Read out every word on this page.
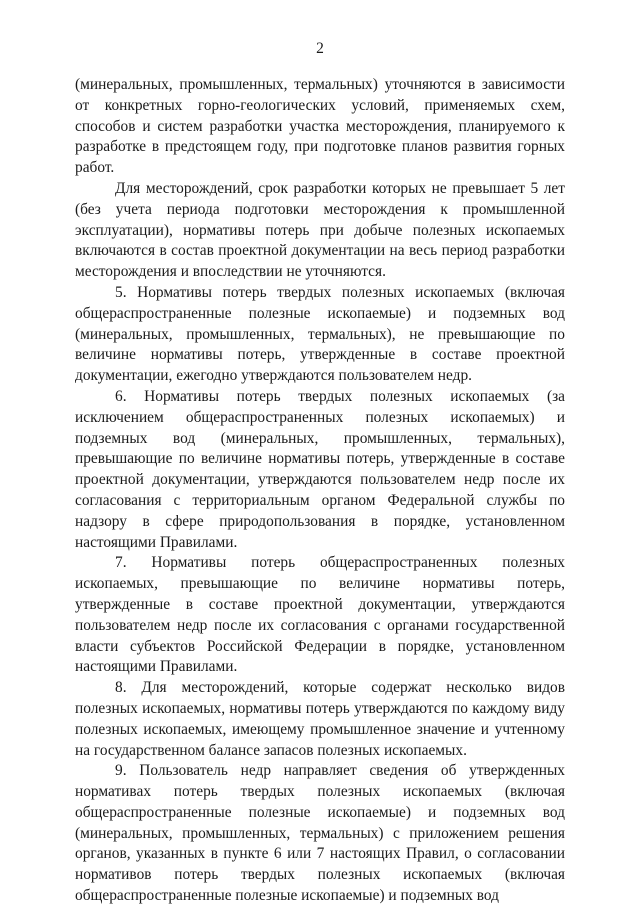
2

(минеральных, промышленных, термальных) уточняются в зависимости от конкретных горно-геологических условий, применяемых схем, способов и систем разработки участка месторождения, планируемого к разработке в предстоящем году, при подготовке планов развития горных работ.

Для месторождений, срок разработки которых не превышает 5 лет (без учета периода подготовки месторождения к промышленной эксплуатации), нормативы потерь при добыче полезных ископаемых включаются в состав проектной документации на весь период разработки месторождения и впоследствии не уточняются.

5. Нормативы потерь твердых полезных ископаемых (включая общераспространенные полезные ископаемые) и подземных вод (минеральных, промышленных, термальных), не превышающие по величине нормативы потерь, утвержденные в составе проектной документации, ежегодно утверждаются пользователем недр.

6. Нормативы потерь твердых полезных ископаемых (за исключением общераспространенных полезных ископаемых) и подземных вод (минеральных, промышленных, термальных), превышающие по величине нормативы потерь, утвержденные в составе проектной документации, утверждаются пользователем недр после их согласования с территориальным органом Федеральной службы по надзору в сфере природопользования в порядке, установленном настоящими Правилами.

7. Нормативы потерь общераспространенных полезных ископаемых, превышающие по величине нормативы потерь, утвержденные в составе проектной документации, утверждаются пользователем недр после их согласования с органами государственной власти субъектов Российской Федерации в порядке, установленном настоящими Правилами.

8. Для месторождений, которые содержат несколько видов полезных ископаемых, нормативы потерь утверждаются по каждому виду полезных ископаемых, имеющему промышленное значение и учтенному на государственном балансе запасов полезных ископаемых.

9. Пользователь недр направляет сведения об утвержденных нормативах потерь твердых полезных ископаемых (включая общераспространенные полезные ископаемые) и подземных вод (минеральных, промышленных, термальных) с приложением решения органов, указанных в пункте 6 или 7 настоящих Правил, о согласовании нормативов потерь твердых полезных ископаемых (включая общераспространенные полезные ископаемые) и подземных вод
